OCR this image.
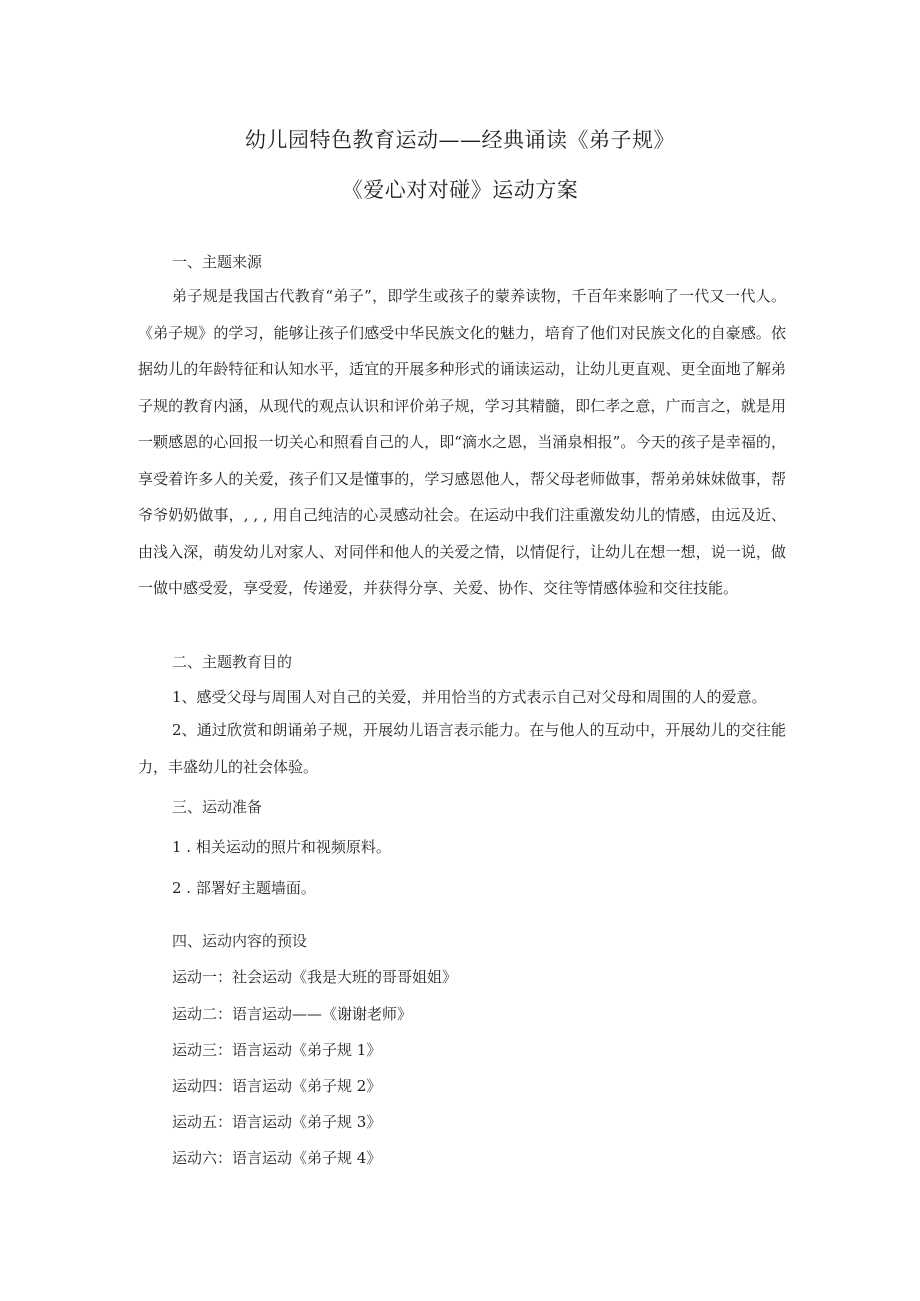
幼儿园特色教育运动——经典诵读《弟子规》
《爱心对对碰》运动方案
一、主题来源
弟子规是我国古代教育“弟子”，即学生或孩子的蒙养读物，千百年来影响了一代又一代人。《弟子规》的学习，能够让孩子们感受中华民族文化的魅力，培育了他们对民族文化的自豪感。依据幼儿的年龄特征和认知水平，适宜的开展多种形式的诵读运动，让幼儿更直观、更全面地了解弟子规的教育内涵，从现代的观点认识和评价弟子规，学习其精髓，即仁孝之意，广而言之，就是用一颗感恩的心回报一切关心和照看自己的人，即“滴水之恩，当涌泉相报”。今天的孩子是幸福的，享受着许多人的关爱，孩子们又是懂事的，学习感恩他人，帮父母老师做事，帮弟弟妹妹做事，帮爷爷奶奶做事，, , , 用自己纯洁的心灵感动社会。在运动中我们注重激发幼儿的情感，由远及近、由浅入深，萌发幼儿对家人、对同伴和他人的关爱之情，以情促行，让幼儿在想一想，说一说，做一做中感受爱，享受爱，传递爱，并获得分享、关爱、协作、交往等情感体验和交往技能。
二、主题教育目的
1、感受父母与周围人对自己的关爱，并用恰当的方式表示自己对父母和周围的人的爱意。
2、通过欣赏和朗诵弟子规，开展幼儿语言表示能力。在与他人的互动中，开展幼儿的交往能力，丰盛幼儿的社会体验。
三、运动准备
1 . 相关运动的照片和视频原料。
2 . 部署好主题墙面。
四、运动内容的预设
运动一：社会运动《我是大班的哥哥姐姐》
运动二：语言运动——《谢谢老师》
运动三：语言运动《弟子规 1》
运动四：语言运动《弟子规 2》
运动五：语言运动《弟子规 3》
运动六：语言运动《弟子规 4》
